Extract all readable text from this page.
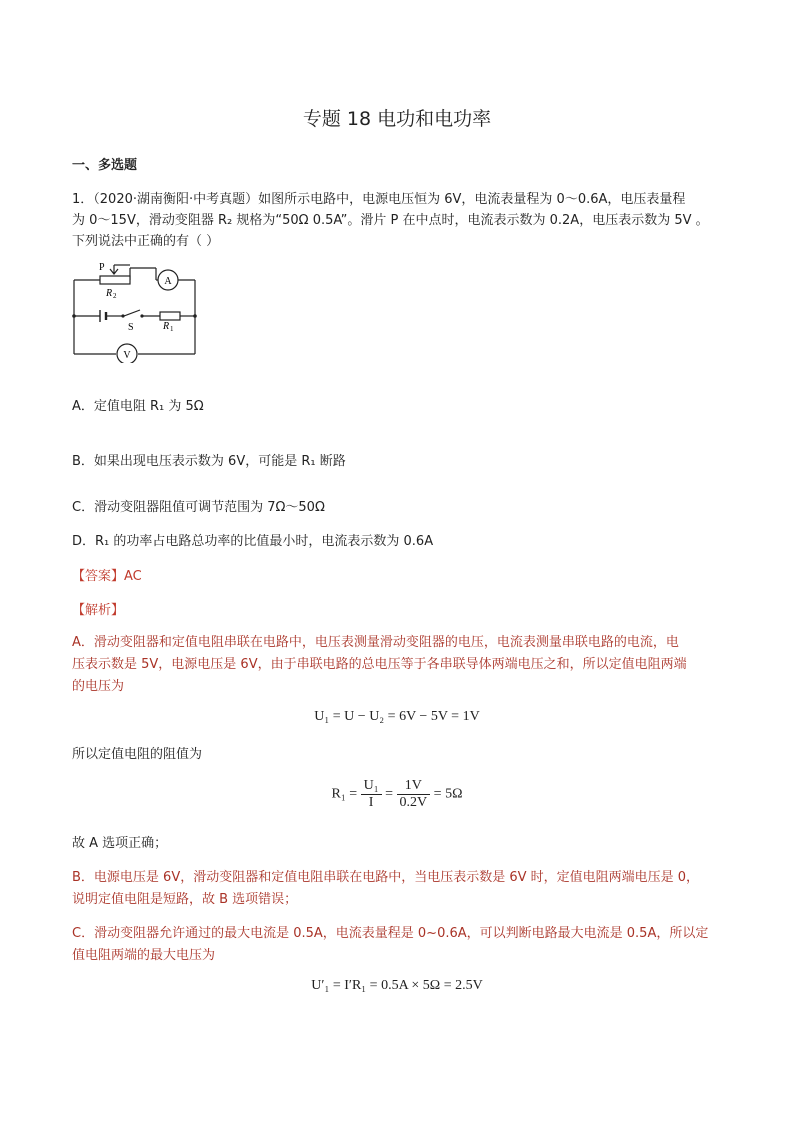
专题 18 电功和电功率
一、多选题
1．（2020·湖南衡阳·中考真题）如图所示电路中，电源电压恒为 6V，电流表量程为 0～0.6A，电压表量程
为 0～15V，滑动变阻器 R₂ 规格为“50Ω 0.5A”。滑片 P 在中点时，电流表示数为 0.2A，电压表示数为 5V 。
下列说法中正确的有（ ）
P
R 2
A
S	R 1
V
A．定值电阻 R₁ 为 5Ω
B．如果出现电压表示数为 6V，可能是 R₁ 断路
C．滑动变阻器阻值可调节范围为 7Ω～50Ω
D．R₁ 的功率占电路总功率的比值最小时，电流表示数为 0.6A
【答案】AC
【解析】
A．滑动变阻器和定值电阻串联在电路中，电压表测量滑动变阻器的电压，电流表测量串联电路的电流，电
压表示数是 5V，电源电压是 6V，由于串联电路的总电压等于各串联导体两端电压之和，所以定值电阻两端
的电压为
U₁ = U − U₂ = 6V − 5V = 1V
所以定值电阻的阻值为
$R_1 = \frac{\text{U₁}}{I} = \frac{1V}{0.2V} = 5\Omega$
故 A 选项正确；
B．电源电压是 6V，滑动变阻器和定值电阻串联在电路中，当电压表示数是 6V 时，定值电阻两端电压是 0，
说明定值电阻是短路，故 B 选项错误；
C．滑动变阻器允许通过的最大电流是 0.5A，电流表量程是 0~0.6A，可以判断电路最大电流是 0.5A，所以定
值电阻两端的最大电压为
U′₁ = I′R₁ = 0.5A × 5Ω = 2.5V
